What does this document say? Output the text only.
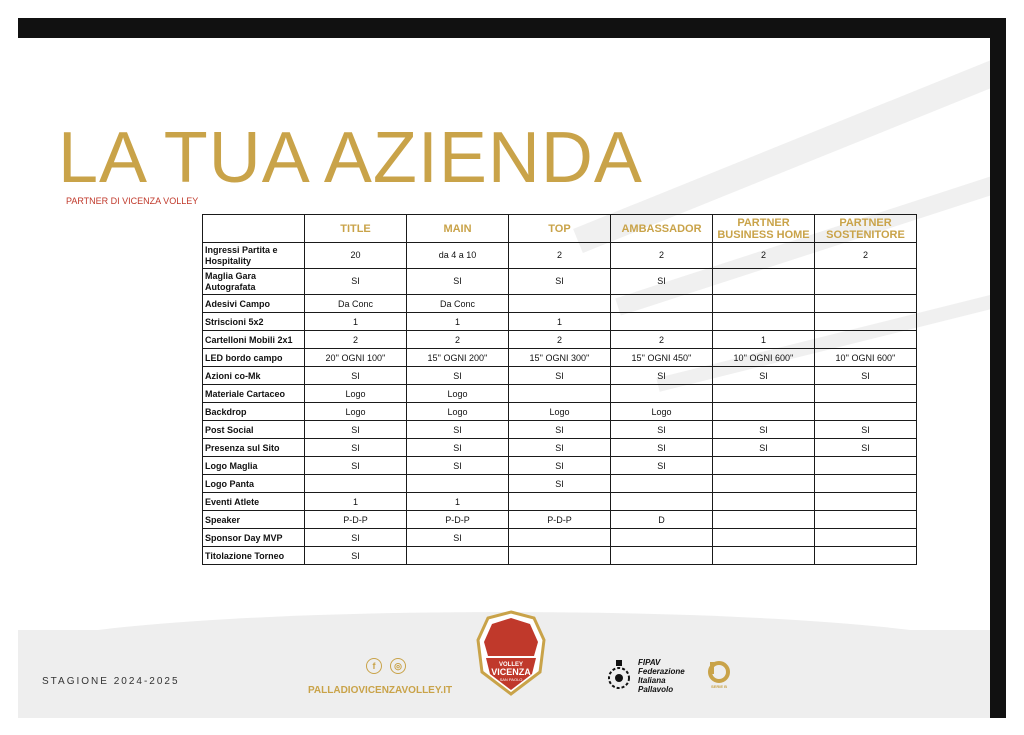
LA TUA AZIENDA
PARTNER DI VICENZA VOLLEY
	TITLE	MAIN	TOP	AMBASSADOR	PARTNER BUSINESS HOME	PARTNER SOSTENITORE
Ingressi Partita e Hospitality	20	da 4 a 10	2	2	2	2
Maglia Gara Autografata	SI	SI	SI	SI		
Adesivi Campo	Da Conc	Da Conc				
Striscioni 5x2	1	1	1			
Cartelloni Mobili 2x1	2	2	2	2	1	
LED bordo campo	20'' OGNI 100''	15'' OGNI 200''	15'' OGNI 300''	15'' OGNI 450''	10'' OGNI 600''	10'' OGNI 600''
Azioni co-Mk	SI	SI	SI	SI	SI	SI
Materiale Cartaceo	Logo	Logo				
Backdrop	Logo	Logo	Logo	Logo		
Post Social	SI	SI	SI	SI	SI	SI
Presenza sul Sito	SI	SI	SI	SI	SI	SI
Logo Maglia	SI	SI	SI	SI		
Logo Panta			SI			
Eventi Atlete	1	1				
Speaker	P-D-P	P-D-P	P-D-P	D		
Sponsor Day MVP	SI	SI				
Titolazione Torneo	SI					
STAGIONE 2024-2025
f	◎
PALLADIOVICENZAVOLLEY.IT
VOLLEY
VICENZA
SAN PAOLO
FIPAV
Federazione
Italiana
Pallavolo	SERIE B
